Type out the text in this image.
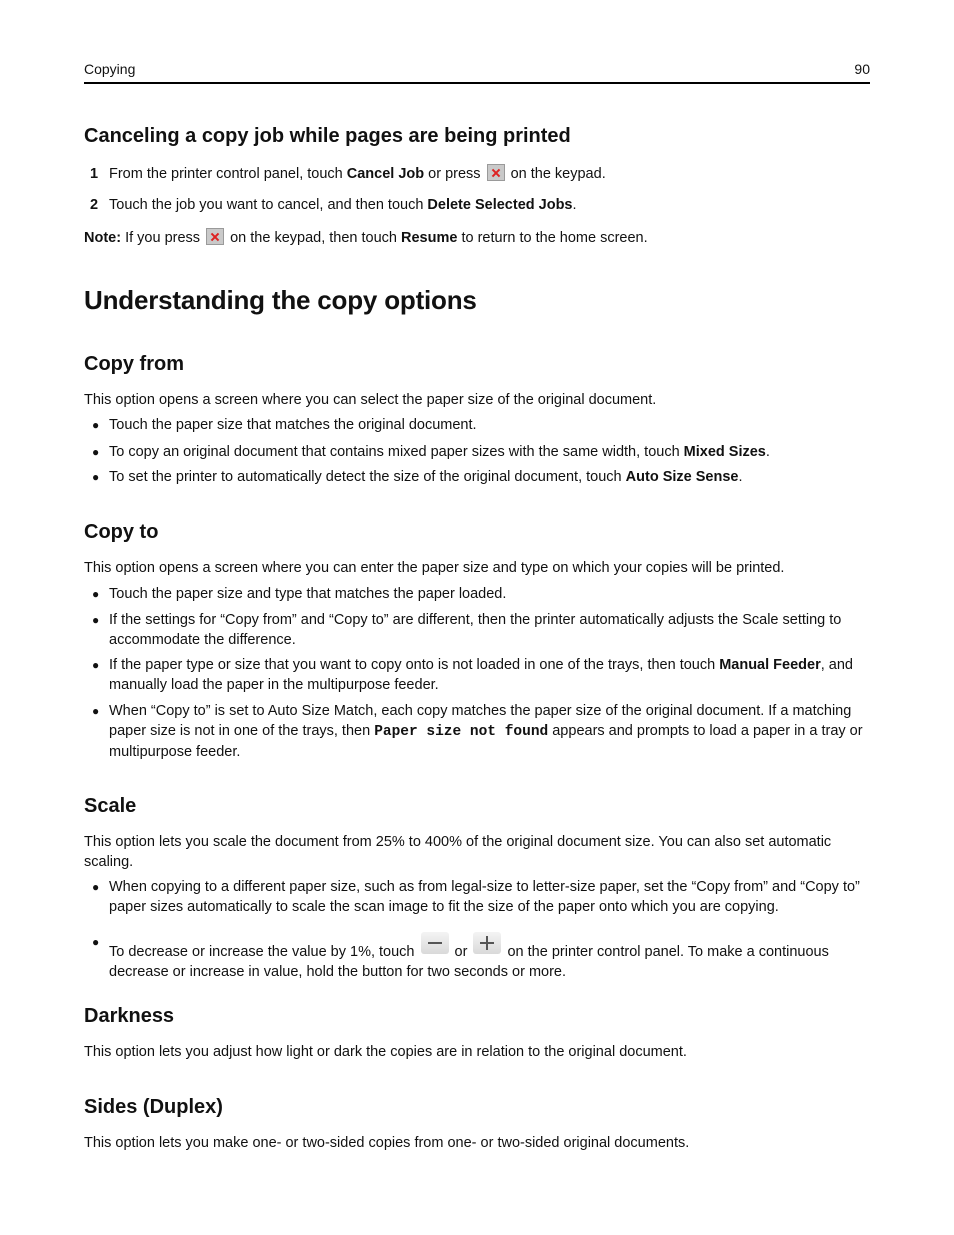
Copying	90
Canceling a copy job while pages are being printed
1 From the printer control panel, touch Cancel Job or press  on the keypad.
2 Touch the job you want to cancel, and then touch Delete Selected Jobs.

Note: If you press  on the keypad, then touch Resume to return to the home screen.

Understanding the copy options
Copy from

This option opens a screen where you can select the paper size of the original document.

● Touch the paper size that matches the original document.
● To copy an original document that contains mixed paper sizes with the same width, touch Mixed Sizes.
● To set the printer to automatically detect the size of the original document, touch Auto Size Sense.
Copy to

This option opens a screen where you can enter the paper size and type on which your copies will be printed.

● Touch the paper size and type that matches the paper loaded.
● If the settings for “Copy from” and “Copy to” are different, then the printer automatically adjusts the Scale setting to accommodate the difference.
● If the paper type or size that you want to copy onto is not loaded in one of the trays, then touch Manual Feeder, and manually load the paper in the multipurpose feeder.
● When “Copy to” is set to Auto Size Match, each copy matches the paper size of the original document. If a matching paper size is not in one of the trays, then Paper size not found appears and prompts to load a paper in a tray or multipurpose feeder.
Scale

This option lets you scale the document from 25% to 400% of the original document size. You can also set automatic scaling.

● When copying to a different paper size, such as from legal-size to letter-size paper, set the “Copy from” and “Copy to” paper sizes automatically to scale the scan image to fit the size of the paper onto which you are copying.
●
To decrease or increase the value by 1%, touch
or
on the printer control panel. To make a continuous decrease or increase in value, hold the button for two seconds or more.
Darkness

This option lets you adjust how light or dark the copies are in relation to the original document.

Sides (Duplex)

This option lets you make one- or two-sided copies from one- or two-sided original documents.
